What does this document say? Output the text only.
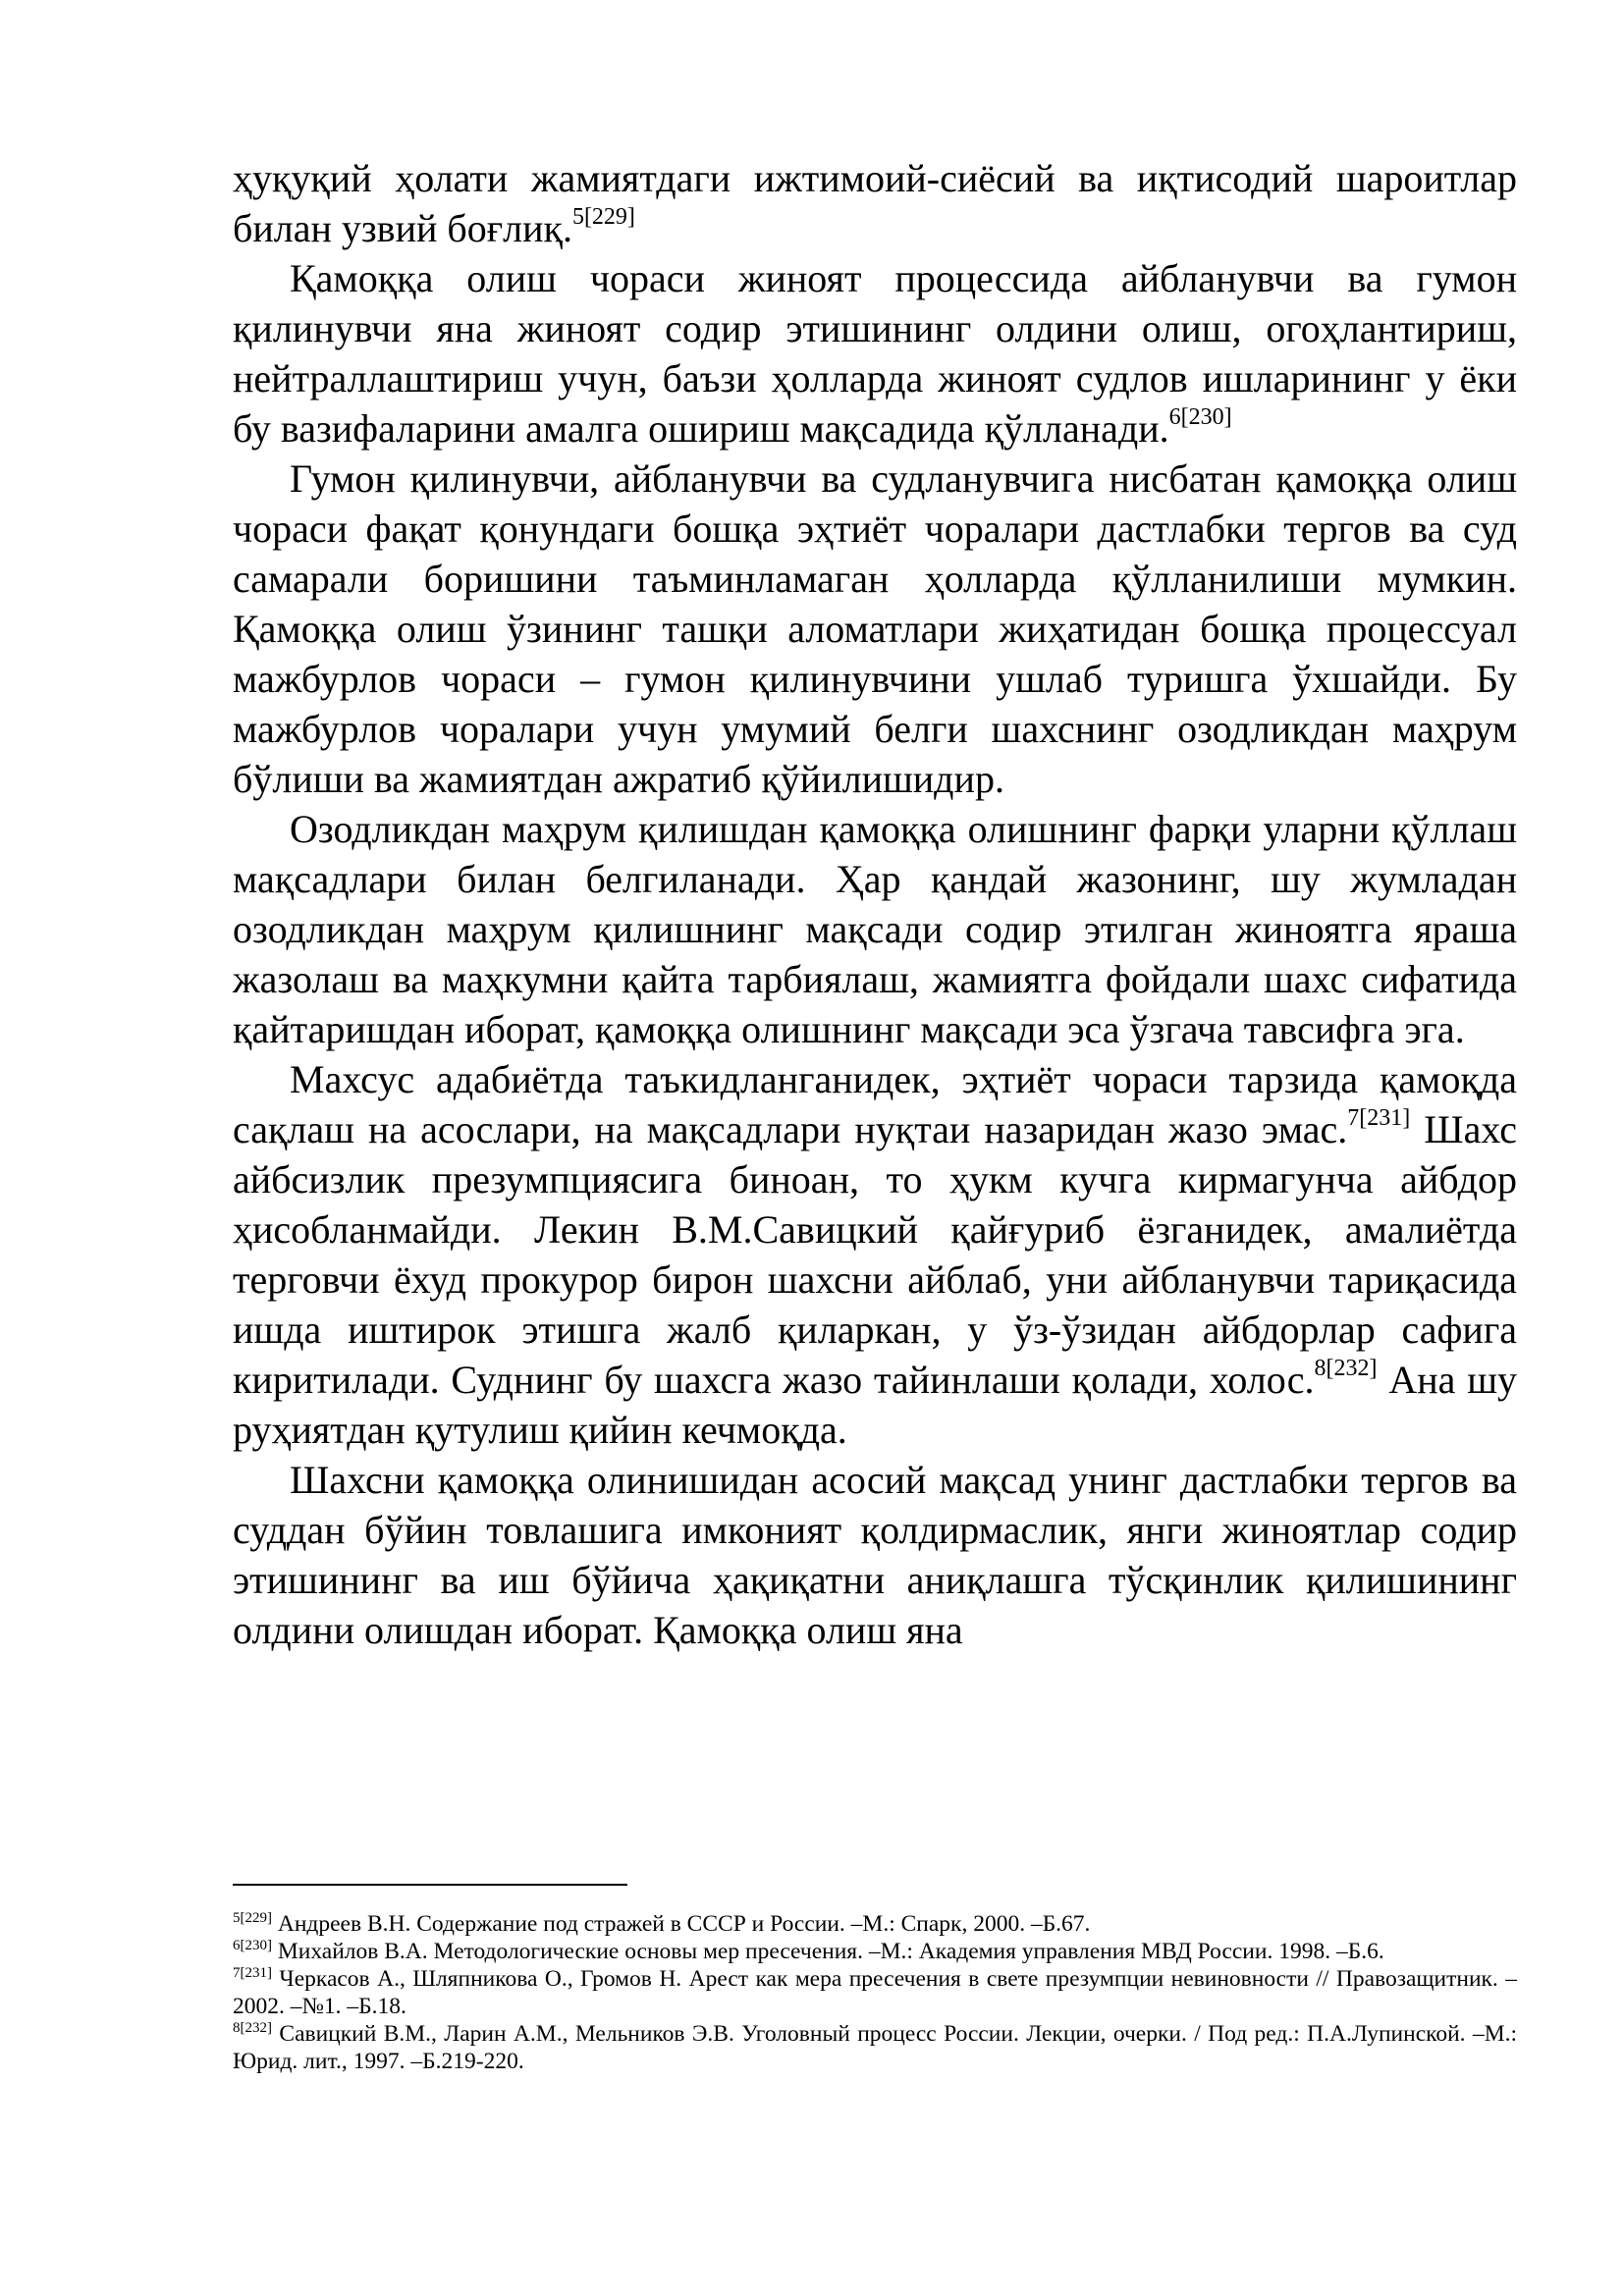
ҳуқуқий ҳолати жамиятдаги ижтимоий-сиёсий ва иқтисодий шароитлар билан узвий боғлиқ.$^{5[229]}$

Қамоққа олиш чораси жиноят процессида айбланувчи ва гумон қилинувчи яна жиноят содир этишининг олдини олиш, огоҳлантириш, нейтраллаштириш учун, баъзи ҳолларда жиноят судлов ишларининг у ёки бу вазифаларини амалга ошириш мақсадида қўлланади.$^{6[230]}$

Гумон қилинувчи, айбланувчи ва судланувчига нисбатан қамоққа олиш чораси фақат қонундаги бошқа эҳтиёт чоралари дастлабки тергов ва суд самарали боришини таъминламаган ҳолларда қўлланилиши мумкин. Қамоққа олиш ўзининг ташқи аломатлари жиҳатидан бошқа процессуал мажбурлов чораси – гумон қилинувчини ушлаб туришга ўхшайди. Бу мажбурлов чоралари учун умумий белги шахснинг озодликдан маҳрум бўлиши ва жамиятдан ажратиб қўйилишидир.

Озодликдан маҳрум қилишдан қамоққа олишнинг фарқи уларни қўллаш мақсадлари билан белгиланади. Ҳар қандай жазонинг, шу жумладан озодликдан маҳрум қилишнинг мақсади содир этилган жиноятга яраша жазолаш ва маҳкумни қайта тарбиялаш, жамиятга фойдали шахс сифатида қайтаришдан иборат, қамоққа олишнинг мақсади эса ўзгача тавсифга эга.

Махсус адабиётда таъкидланганидек, эҳтиёт чораси тарзида қамоқда сақлаш на асослари, на мақсадлари нуқтаи назаридан жазо эмас.$^{7[231]}$ Шахс айбсизлик презумпциясига биноан, то ҳукм кучга кирмагунча айбдор ҳисобланмайди. Лекин В.М.Савицкий қайғуриб ёзганидек, амалиётда терговчи ёхуд прокурор бирон шахсни айблаб, уни айбланувчи тариқасида ишда иштирок этишга жалб қиларкан, у ўз-ўзидан айбдорлар сафига киритилади. Суднинг бу шахсга жазо тайинлаши қолади, холос.$^{8[232]}$ Ана шу руҳиятдан қутулиш қийин кечмоқда.

Шахсни қамоққа олинишидан асосий мақсад унинг дастлабки тергов ва суддан бўйин товлашига имконият қолдирмаслик, янги жиноятлар содир этишининг ва иш бўйича ҳақиқатни аниқлашга тўсқинлик қилишининг олдини олишдан иборат. Қамоққа олиш яна

$^{5[229]}$ Андреев В.Н. Содержание под стражей в СССР и России. –М.: Спарк, 2000. –Б.67.

$^{6[230]}$ Михайлов В.А. Методологические основы мер пресечения. –М.: Академия управления МВД России. 1998. –Б.6.

$^{7[231]}$ Черкасов А., Шляпникова О., Громов Н. Арест как мера пресечения в свете презумпции невиновности // Правозащитник. –2002. –№1. –Б.18.

$^{8[232]}$ Савицкий В.М., Ларин А.М., Мельников Э.В. Уголовный процесс России. Лекции, очерки. / Под ред.: П.А.Лупинской. –М.: Юрид. лит., 1997. –Б.219-220.
